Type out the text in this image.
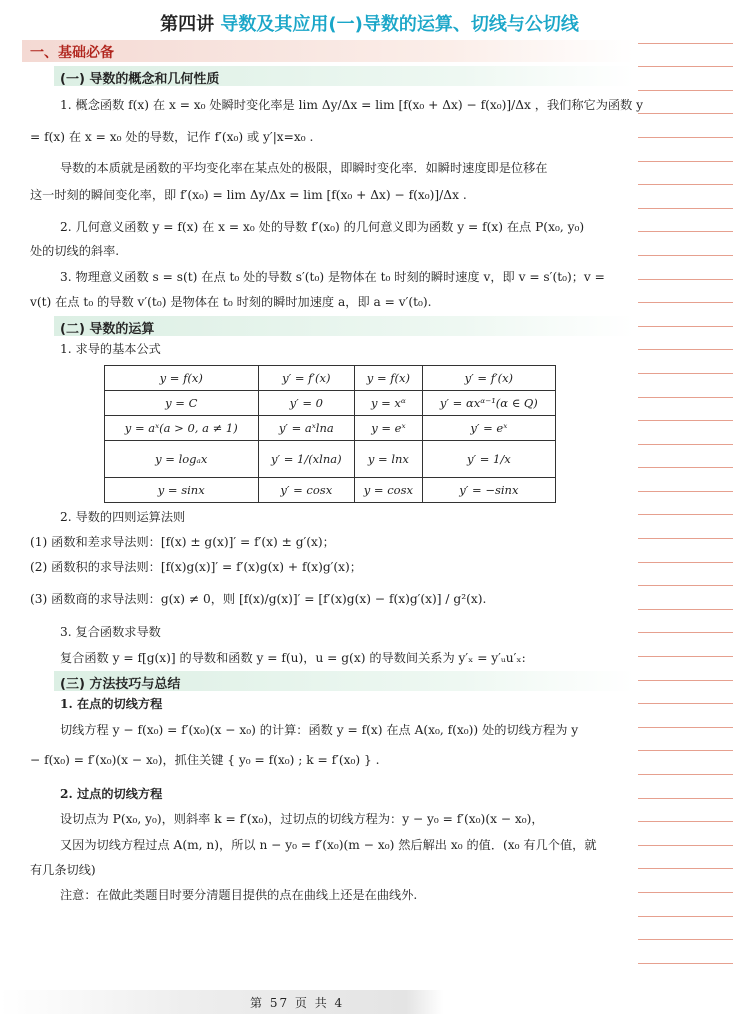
第四讲 导数及其应用(一)导数的运算、切线与公切线
一、基础必备
(一) 导数的概念和几何性质
1. 概念函数 f(x) 在 x = x₀ 处瞬时变化率是 lim Δy/Δx = lim [f(x₀ + Δx) − f(x₀)]/Δx ，我们称它为函数 y
= f(x) 在 x = x₀ 处的导数，记作 f′(x₀) 或 y′|x=x₀ .
导数的本质就是函数的平均变化率在某点处的极限，即瞬时变化率．如瞬时速度即是位移在
这一时刻的瞬间变化率，即 f′(x₀) = lim Δy/Δx = lim [f(x₀ + Δx) − f(x₀)]/Δx .
2. 几何意义函数 y = f(x) 在 x = x₀ 处的导数 f′(x₀) 的几何意义即为函数 y = f(x) 在点 P(x₀, y₀)
处的切线的斜率.
3. 物理意义函数 s = s(t) 在点 t₀ 处的导数 s′(t₀) 是物体在 t₀ 时刻的瞬时速度 v，即 v = s′(t₀)；v =
v(t) 在点 t₀ 的导数 v′(t₀) 是物体在 t₀ 时刻的瞬时加速度 a，即 a = v′(t₀).
(二) 导数的运算
1. 求导的基本公式
y = f(x)	y′ = f′(x)	y = f(x)	y′ = f′(x)
y = C	y′ = 0	y = xᵅ	y′ = αxᵅ⁻¹(α ∈ Q)
y = aˣ(a > 0, a ≠ 1)	y′ = aˣlna	y = eˣ	y′ = eˣ
y = logₐx	y′ = 1/(xlna)	y = lnx	y′ = 1/x
y = sinx	y′ = cosx	y = cosx	y′ = −sinx
2. 导数的四则运算法则
(1) 函数和差求导法则：[f(x) ± g(x)]′ = f′(x) ± g′(x)；
(2) 函数积的求导法则：[f(x)g(x)]′ = f′(x)g(x) + f(x)g′(x)；
(3) 函数商的求导法则：g(x) ≠ 0，则 [f(x)/g(x)]′ = [f′(x)g(x) − f(x)g′(x)] / g²(x).
3. 复合函数求导数
复合函数 y = f[g(x)] 的导数和函数 y = f(u)，u = g(x) 的导数间关系为 y′ₓ = y′ᵤu′ₓ:
(三) 方法技巧与总结
1. 在点的切线方程
切线方程 y − f(x₀) = f′(x₀)(x − x₀) 的计算：函数 y = f(x) 在点 A(x₀, f(x₀)) 处的切线方程为 y
− f(x₀) = f′(x₀)(x − x₀)，抓住关键 { y₀ = f(x₀) ; k = f′(x₀) } .
2. 过点的切线方程
设切点为 P(x₀, y₀)，则斜率 k = f′(x₀)，过切点的切线方程为：y − y₀ = f′(x₀)(x − x₀)，
又因为切线方程过点 A(m, n)，所以 n − y₀ = f′(x₀)(m − x₀) 然后解出 x₀ 的值．(x₀ 有几个值，就
有几条切线)
注意：在做此类题目时要分清题目提供的点在曲线上还是在曲线外.
第 57 页 共 4
